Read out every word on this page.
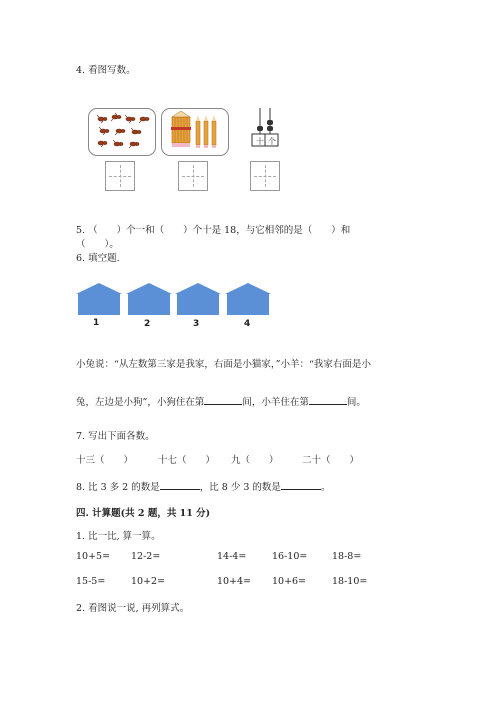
4. 看图写数。
十 个
5. （　　）个一和（　　）个十是 18，与它相邻的是（　　）和
（　　）。
6. 填空题.
1	2	3	4
小兔说：“从左数第三家是我家，右面是小猫家，”小羊：“我家右面是小
兔，左边是小狗”，小狗住在第	间，小羊住在第	间。
7. 写出下面各数。
十三（　　）	十七（　　） 九（　　） 二十（　　）
8. 比 3 多 2 的数是	，比 8 少 3 的数是	。
四. 计算题(共 2 题，共 11 分)
1. 比一比, 算一算。
10+5= 12-2=	14-4=	16-10=	18-8=
15-5=	10+2=	10+4= 10+6=	18-10=
2. 看图说一说, 再列算式。
